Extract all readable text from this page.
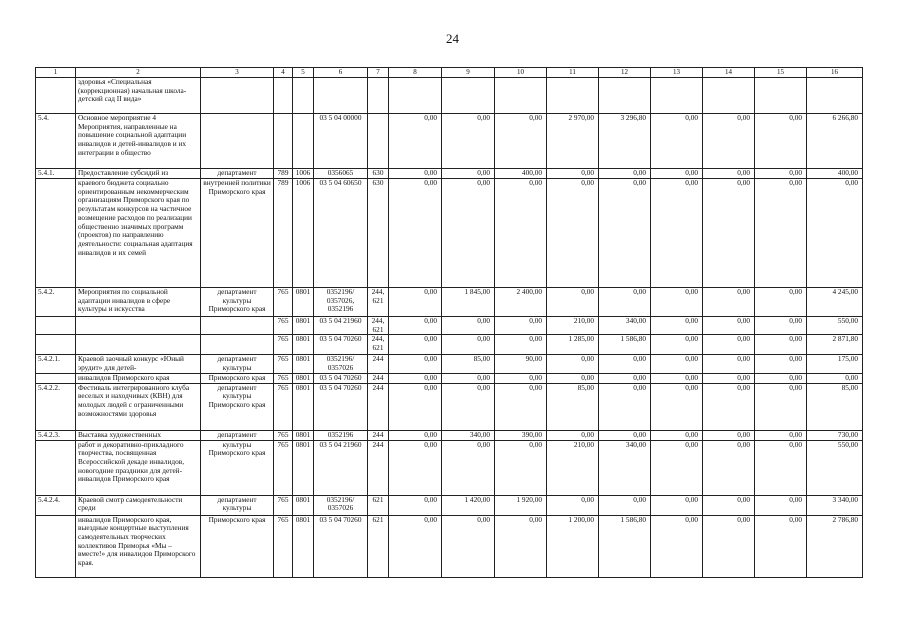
24
1	2	3	4	5	6	7	8	9	10	11	12	13	14	15	16
	здоровья «Специальная (коррекционная) начальная школа-детский сад II вида»														
5.4.	Основное мероприятие 4 Мероприятия, направленные на повышение социальной адаптации инвалидов и детей-инвалидов и их интеграции в общество				03 5 04 00000		0,00	0,00	0,00	2 970,00	3 296,80	0,00	0,00	0,00	6 266,80
5.4.1.	Предоставление субсидий из	департамент	789	1006	0356065	630	0,00	0,00	400,00	0,00	0,00	0,00	0,00	0,00	400,00
	краевого бюджета социально ориентированным некоммерческим организациям Приморского края по результатам конкурсов на частичное возмещение расходов по реализации общественно значимых программ (проектов) по направлению деятельности: социальная адаптация инвалидов и их семей	внутренней политики Приморского края	789	1006	03 5 04 60650	630	0,00	0,00	0,00	0,00	0,00	0,00	0,00	0,00	0,00
5.4.2.	Мероприятия по социальной адаптации инвалидов в сфере культуры и искусства	департамент культуры Приморского края	765	0801	0352196/ 0357026, 0352196	244, 621	0,00	1 845,00	2 400,00	0,00	0,00	0,00	0,00	0,00	4 245,00
			765	0801	03 5 04 21960	244, 621	0,00	0,00	0,00	210,00	340,00	0,00	0,00	0,00	550,00
			765	0801	03 5 04 70260	244, 621	0,00	0,00	0,00	1 285,00	1 586,80	0,00	0,00	0,00	2 871,80
5.4.2.1.	Краевой заочный конкурс «Юный эрудит» для детей-	департамент культуры	765	0801	0352196/ 0357026	244	0,00	85,00	90,00	0,00	0,00	0,00	0,00	0,00	175,00
	инвалидов Приморского края	Приморского края	765	0801	03 5 04 70260	244	0,00	0,00	0,00	0,00	0,00	0,00	0,00	0,00	0,00
5.4.2.2.	Фестиваль интегрированного клуба веселых и находчивых (КВН) для молодых людей с ограниченными возможностями здоровья	департамент культуры Приморского края	765	0801	03 5 04 70260	244	0,00	0,00	0,00	85,00	0,00	0,00	0,00	0,00	85,00
5.4.2.3.	Выставка художественных	департамент	765	0801	0352196	244	0,00	340,00	390,00	0,00	0,00	0,00	0,00	0,00	730,00
	работ и декоративно-прикладного творчества, посвященная Всероссийской декаде инвалидов, новогодние праздники для детей-инвалидов Приморского края	культуры Приморского края	765	0801	03 5 04 21960	244	0,00	0,00	0,00	210,00	340,00	0,00	0,00	0,00	550,00
5.4.2.4.	Краевой смотр самодеятельности среди	департамент культуры	765	0801	0352196/ 0357026	621	0,00	1 420,00	1 920,00	0,00	0,00	0,00	0,00	0,00	3 340,00
	инвалидов Приморского края, выездные концертные выступления самодеятельных творческих коллективов Приморья «Мы – вместе!» для инвалидов Приморского края.	Приморского края	765	0801	03 5 04 70260	621	0,00	0,00	0,00	1 200,00	1 586,80	0,00	0,00	0,00	2 786,80
